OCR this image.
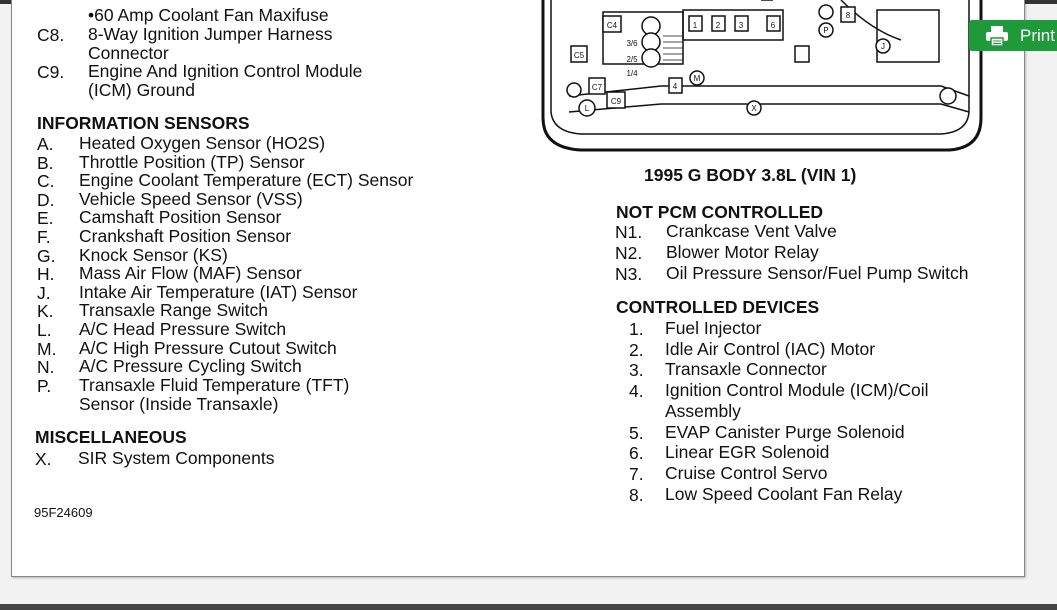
•60 Amp Coolant Fan Maxifuse
C8. 8-Way Ignition Jumper Harness
Connector
C9. Engine And Ignition Control Module
(ICM) Ground
INFORMATION SENSORS
A. Heated Oxygen Sensor (HO2S)
B. Throttle Position (TP) Sensor
C. Engine Coolant Temperature (ECT) Sensor
D. Vehicle Speed Sensor (VSS)
E. Camshaft Position Sensor
F. Crankshaft Position Sensor
G. Knock Sensor (KS)
H. Mass Air Flow (MAF) Sensor
J. Intake Air Temperature (IAT) Sensor
K. Transaxle Range Switch
L. A/C Head Pressure Switch
M. A/C High Pressure Cutout Switch
N. A/C Pressure Cycling Switch
P. Transaxle Fluid Temperature (TFT)
Sensor (Inside Transaxle)
MISCELLANEOUS
X. SIR System Components
95F24609
C4
C5
C7
C9
3/6
2/5
1/4
1 2 3	6
8
4
M
P
J
L	X
1995 G BODY 3.8L (VIN 1)
NOT PCM CONTROLLED
N1. Crankcase Vent Valve
N2. Blower Motor Relay
N3. Oil Pressure Sensor/Fuel Pump Switch
CONTROLLED DEVICES
1. Fuel Injector
2. Idle Air Control (IAC) Motor
3. Transaxle Connector
4. Ignition Control Module (ICM)/Coil
Assembly
5. EVAP Canister Purge Solenoid
6. Linear EGR Solenoid
7. Cruise Control Servo
8. Low Speed Coolant Fan Relay
Print
